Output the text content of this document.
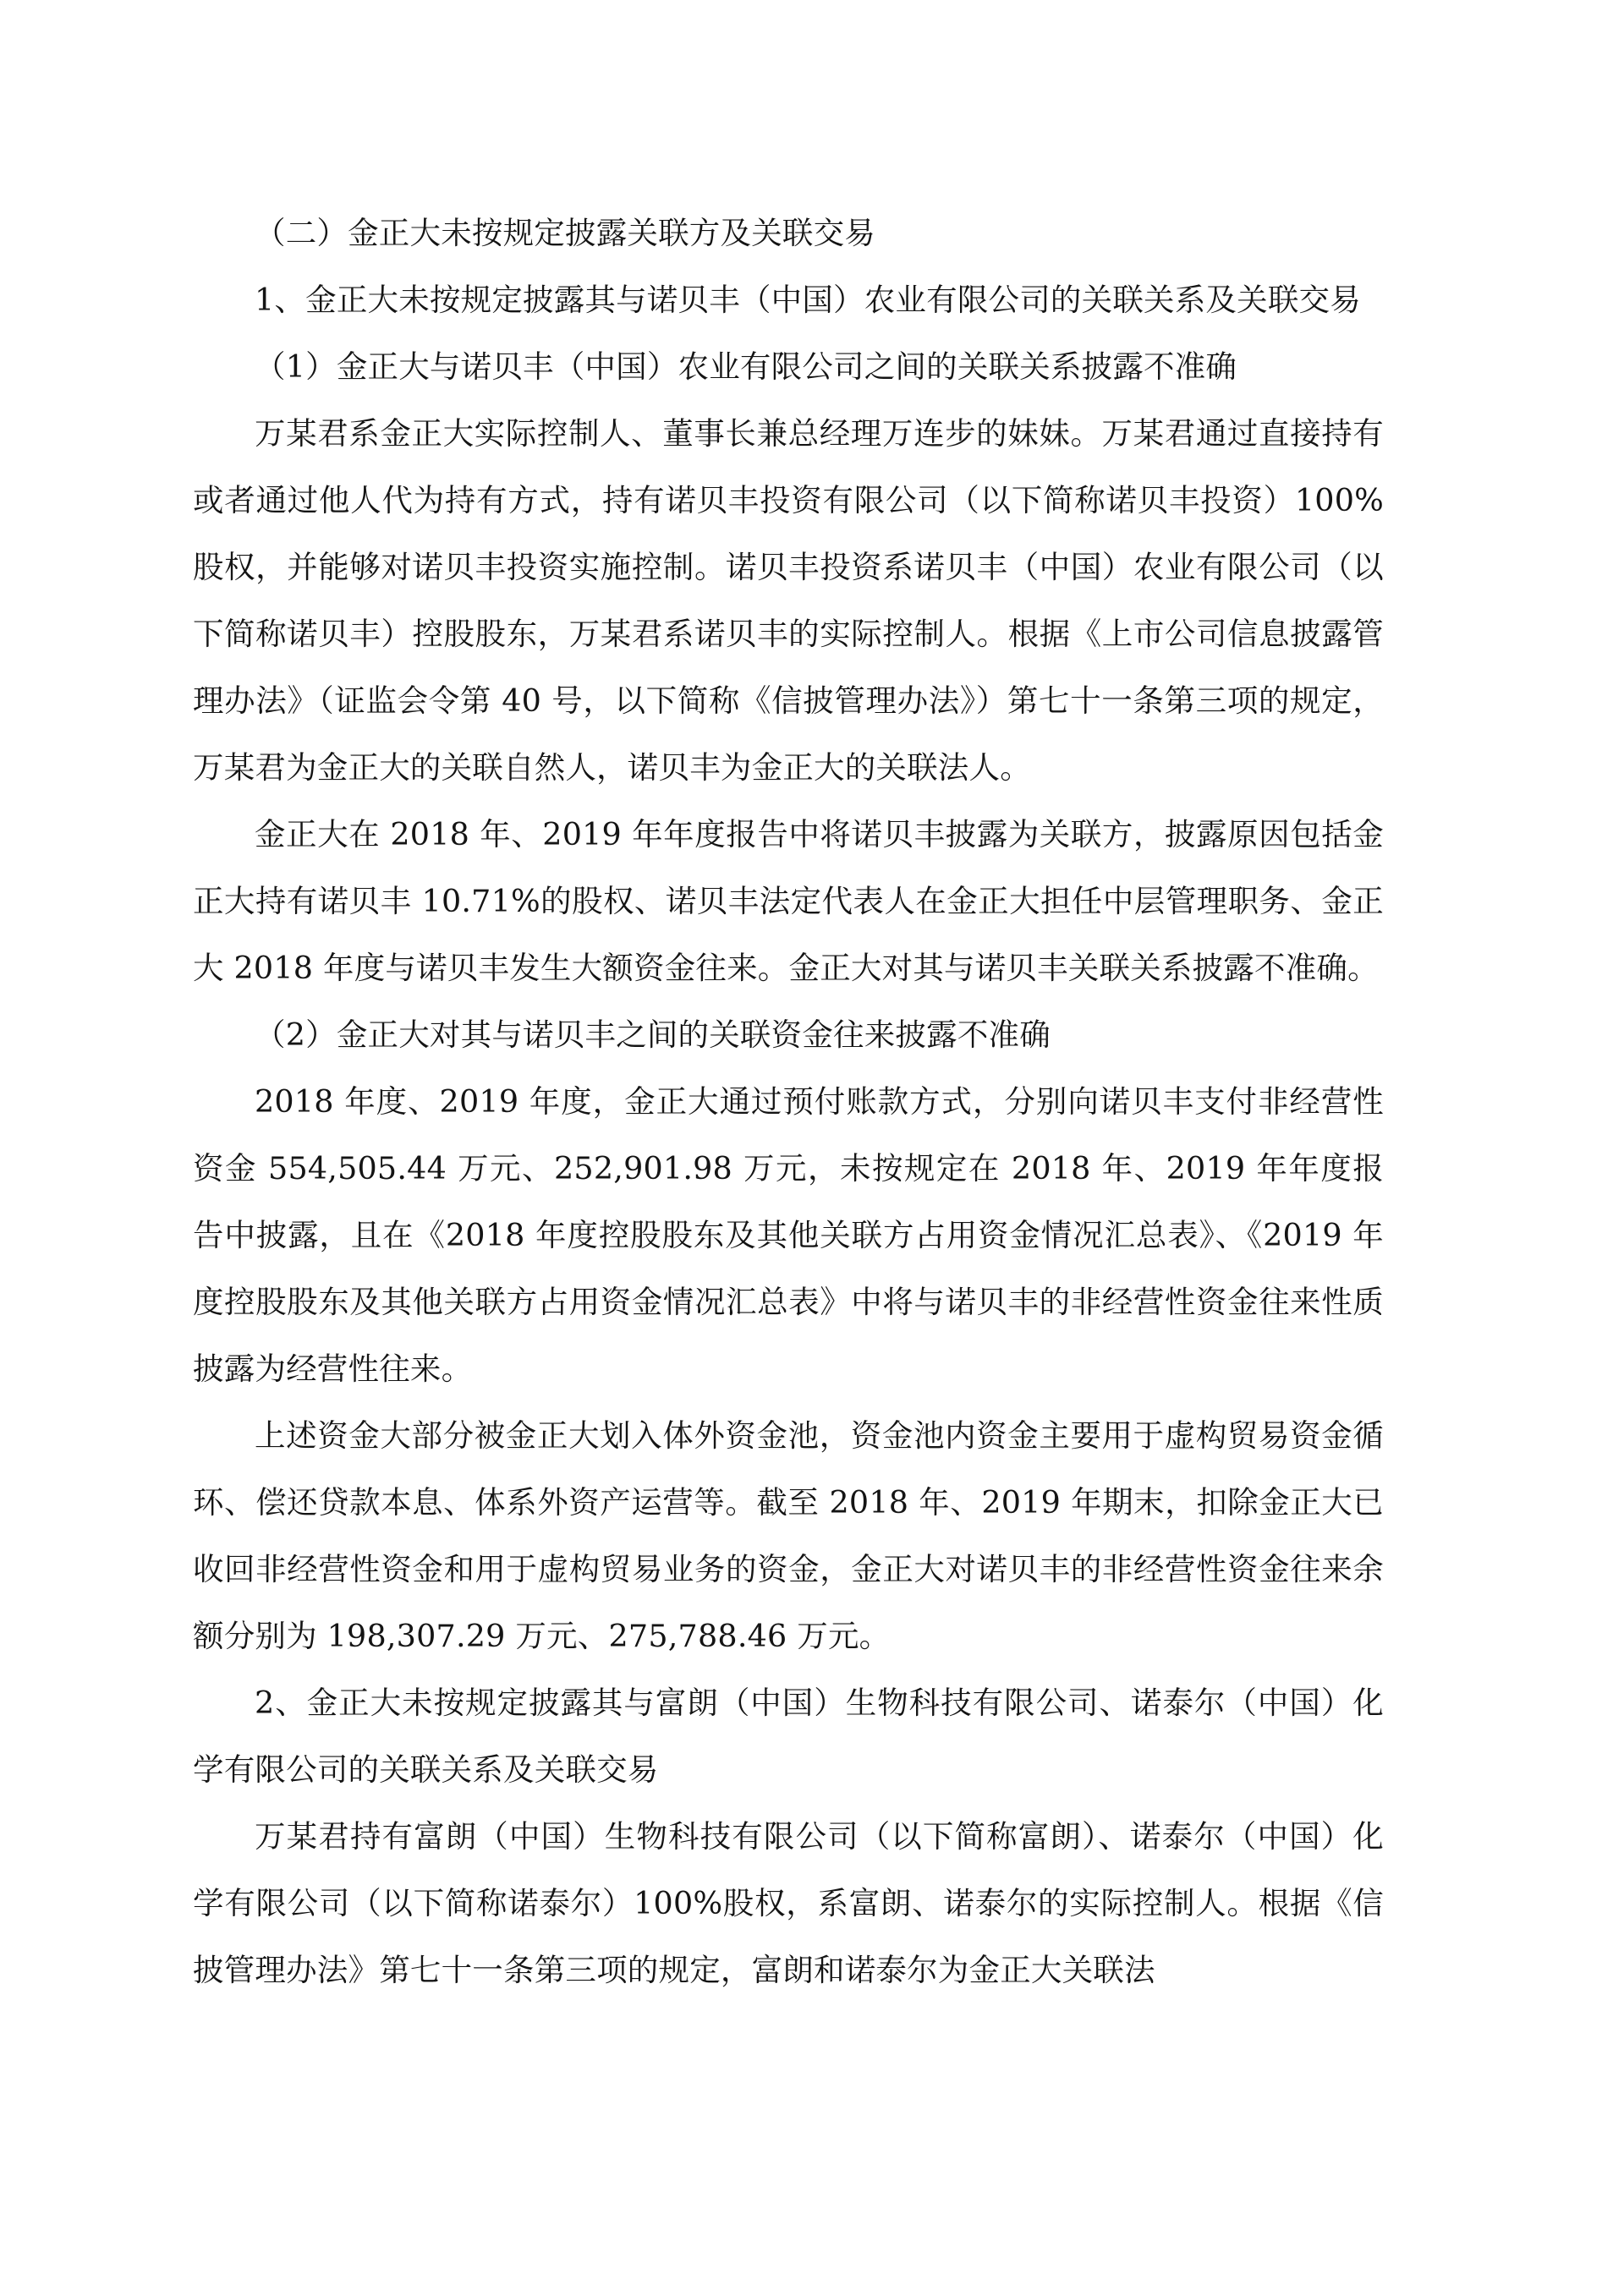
（二）金正大未按规定披露关联方及关联交易

1、金正大未按规定披露其与诺贝丰（中国）农业有限公司的关联关系及关联交易

（1）金正大与诺贝丰（中国）农业有限公司之间的关联关系披露不准确

万某君系金正大实际控制人、董事长兼总经理万连步的妹妹。万某君通过直接持有或者通过他人代为持有方式，持有诺贝丰投资有限公司（以下简称诺贝丰投资）100%股权，并能够对诺贝丰投资实施控制。诺贝丰投资系诺贝丰（中国）农业有限公司（以下简称诺贝丰）控股股东，万某君系诺贝丰的实际控制人。根据《上市公司信息披露管理办法》（证监会令第 40 号，以下简称《信披管理办法》）第七十一条第三项的规定，万某君为金正大的关联自然人，诺贝丰为金正大的关联法人。

金正大在 2018 年、2019 年年度报告中将诺贝丰披露为关联方，披露原因包括金正大持有诺贝丰 10.71%的股权、诺贝丰法定代表人在金正大担任中层管理职务、金正大 2018 年度与诺贝丰发生大额资金往来。金正大对其与诺贝丰关联关系披露不准确。

（2）金正大对其与诺贝丰之间的关联资金往来披露不准确

2018 年度、2019 年度，金正大通过预付账款方式，分别向诺贝丰支付非经营性资金 554,505.44 万元、252,901.98 万元，未按规定在 2018 年、2019 年年度报告中披露，且在《2018 年度控股股东及其他关联方占用资金情况汇总表》、《2019 年度控股股东及其他关联方占用资金情况汇总表》中将与诺贝丰的非经营性资金往来性质披露为经营性往来。

上述资金大部分被金正大划入体外资金池，资金池内资金主要用于虚构贸易资金循环、偿还贷款本息、体系外资产运营等。截至 2018 年、2019 年期末，扣除金正大已收回非经营性资金和用于虚构贸易业务的资金，金正大对诺贝丰的非经营性资金往来余额分别为 198,307.29 万元、275,788.46 万元。

2、金正大未按规定披露其与富朗（中国）生物科技有限公司、诺泰尔（中国）化学有限公司的关联关系及关联交易

万某君持有富朗（中国）生物科技有限公司（以下简称富朗）、诺泰尔（中国）化学有限公司（以下简称诺泰尔）100%股权，系富朗、诺泰尔的实际控制人。根据《信披管理办法》第七十一条第三项的规定，富朗和诺泰尔为金正大关联法
